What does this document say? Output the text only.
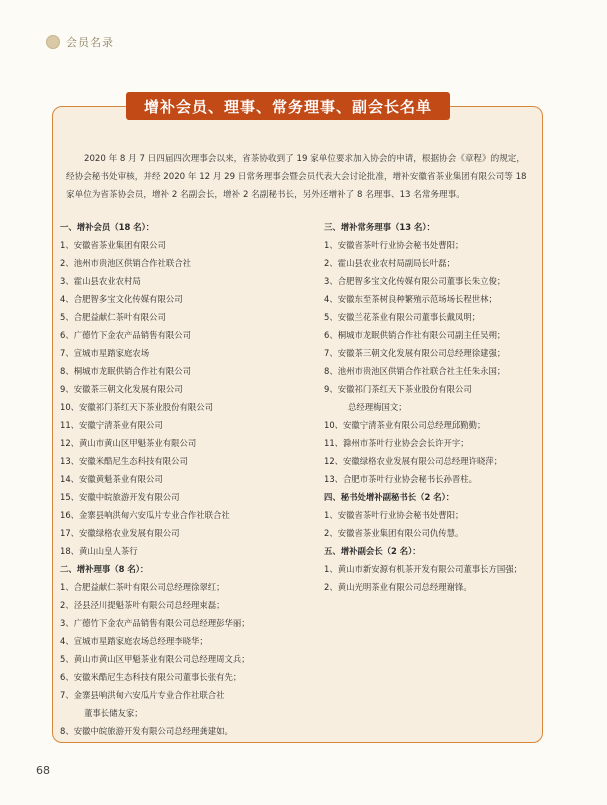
会员名录
增补会员、理事、常务理事、副会长名单
2020 年 8 月 7 日四届四次理事会以来，省茶协收到了 19 家单位要求加入协会的申请，根据协会《章程》的规定，经协会秘书处审核，并经 2020 年 12 月 29 日常务理事会暨会员代表大会讨论批准，增补安徽省茶业集团有限公司等 18 家单位为省茶协会员，增补 2 名副会长，增补 2 名副秘书长，另外还增补了 8 名理事、13 名常务理事。
一、增补会员（18 名）：
1、安徽省茶业集团有限公司
2、池州市贵池区供销合作社联合社
3、霍山县农业农村局
4、合肥智多宝文化传媒有限公司
5、合肥益献仁茶叶有限公司
6、广德竹下金农产品销售有限公司
7、宣城市星踏家庭农场
8、桐城市龙眠供销合作社有限公司
9、安徽茶三朝文化发展有限公司
10、安徽祁门茶红天下茶业股份有限公司
11、安徽宁清茶业有限公司
12、黄山市黄山区甲魁茶业有限公司
13、安徽米酷尼生态科技有限公司
14、安徽黄魁茶业有限公司
15、安徽中皖旅游开发有限公司
16、金寨县响洪甸六安瓜片专业合作社联合社
17、安徽绿格农业发展有限公司
18、黄山山皇人茶行
二、增补理事（8 名）：
1、合肥益献仁茶叶有限公司总经理徐翠红；
2、泾县泾川提魁茶叶有限公司总经理束磊；
3、广德竹下金农产品销售有限公司总经理彭华丽；
4、宣城市星踏家庭农场总经理李晓华；
5、黄山市黄山区甲魁茶业有限公司总经理周文兵；
6、安徽米酷尼生态科技有限公司董事长张有先；
7、金寨县响洪甸六安瓜片专业合作社联合社
董事长储友家；
8、安徽中皖旅游开发有限公司总经理龚建如。
三、增补常务理事（13 名）：
1、安徽省茶叶行业协会秘书处曹阳；
2、霍山县农业农村局副局长叶磊；
3、合肥智多宝文化传媒有限公司董事长朱立俊；
4、安徽东至茶树良种繁殖示范场场长程世林；
5、安徽兰花茶业有限公司董事长戴凤明；
6、桐城市龙眠供销合作社有限公司副主任吴朔；
7、安徽茶三朝文化发展有限公司总经理徐建强；
8、池州市贵池区供销合作社联合社主任朱永国；
9、安徽祁门茶红天下茶业股份有限公司
总经理梅国文；
10、安徽宁清茶业有限公司总经理邱勤勤；
11、滁州市茶叶行业协会会长许开宇；
12、安徽绿格农业发展有限公司总经理许晓萍；
13、合肥市茶叶行业协会秘书长孙晋柱。
四、秘书处增补副秘书长（2 名）：
1、安徽省茶叶行业协会秘书处曹阳；
2、安徽省茶业集团有限公司仇传慧。
五、增补副会长（2 名）：
1、黄山市新安源有机茶开发有限公司董事长方国强；
2、黄山光明茶业有限公司总经理谢锋。
68
